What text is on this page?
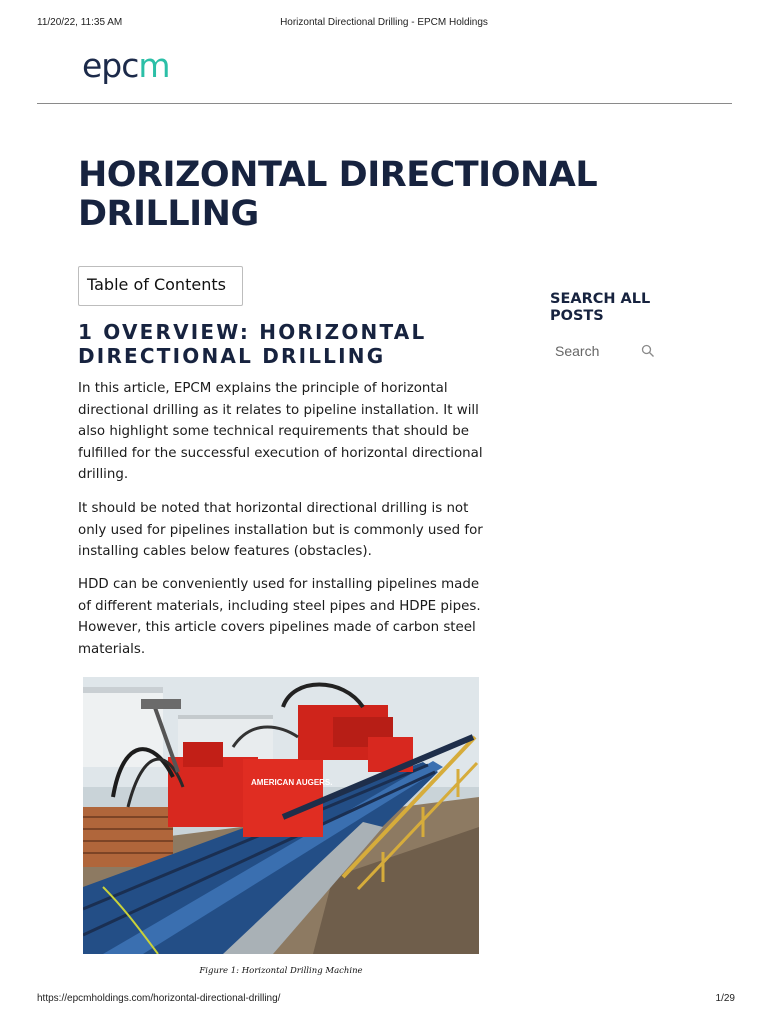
11/20/22, 11:35 AM	Horizontal Directional Drilling - EPCM Holdings
epcm
HORIZONTAL DIRECTIONAL DRILLING
Table of Contents
1 OVERVIEW: HORIZONTAL DIRECTIONAL DRILLING

In this article, EPCM explains the principle of horizontal directional drilling as it relates to pipeline installation. It will also highlight some technical requirements that should be fulfilled for the successful execution of horizontal directional drilling.

It should be noted that horizontal directional drilling is not only used for pipelines installation but is commonly used for installing cables below features (obstacles).

HDD can be conveniently used for installing pipelines made of different materials, including steel pipes and HDPE pipes. However, this article covers pipelines made of carbon steel materials.

AMERICAN AUGERS.
Figure 1: Horizontal Drilling Machine
SEARCH ALL POSTS
Search
https://epcmholdings.com/horizontal-directional-drilling/	1/29
